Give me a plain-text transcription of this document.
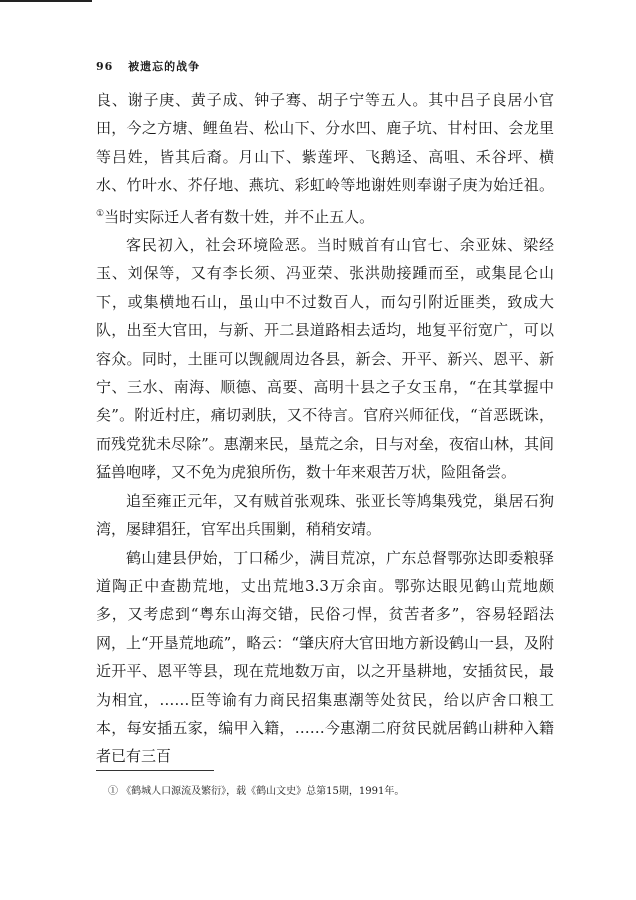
96 被遗忘的战争

良、谢子庚、黄子成、钟子骞、胡子宁等五人。其中吕子良居小官田，今之方塘、鲤鱼岩、松山下、分水凹、鹿子坑、甘村田、会龙里等吕姓，皆其后裔。月山下、紫莲坪、飞鹅迳、高咀、禾谷坪、横水、竹叶水、芥仔地、燕坑、彩虹岭等地谢姓则奉谢子庚为始迁祖。①当时实际迁人者有数十姓，并不止五人。

客民初入，社会环境险恶。当时贼首有山官七、余亚妹、梁经玉、刘保等，又有李长须、冯亚荣、张洪勋接踵而至，或集昆仑山下，或集横地石山，虽山中不过数百人，而勾引附近匪类，致成大队，出至大官田，与新、开二县道路相去适均，地复平衍宽广，可以容众。同时，土匪可以觊觎周边各县，新会、开平、新兴、恩平、新宁、三水、南海、顺德、高要、高明十县之子女玉帛，“在其掌握中矣”。附近村庄，痛切剥肤，又不待言。官府兴师征伐，“首恶既诛，而残党犹未尽除”。惠潮来民，垦荒之余，日与对垒，夜宿山林，其间猛兽咆哮，又不免为虎狼所伤，数十年来艰苦万状，险阻备尝。

追至雍正元年，又有贼首张观珠、张亚长等鸠集残党，巢居石狗湾，屡肆猖狂，官军出兵围剿，稍稍安靖。

鹤山建县伊始，丁口稀少，满目荒凉，广东总督鄂弥达即委粮驿道陶正中查勘荒地，丈出荒地3.3万余亩。鄂弥达眼见鹤山荒地颇多，又考虑到“粤东山海交错，民俗刁悍，贫苦者多”，容易轻蹈法网，上“开垦荒地疏”，略云：“肇庆府大官田地方新设鹤山一县，及附近开平、恩平等县，现在荒地数万亩，以之开垦耕地，安插贫民，最为相宜，……臣等谕有力商民招集惠潮等处贫民，给以庐舍口粮工本，每安插五家，编甲入籍，……今惠潮二府贫民就居鹤山耕种入籍者已有三百

① 《鹤城人口源流及繁衍》，载《鹤山文史》总第15期，1991年。
